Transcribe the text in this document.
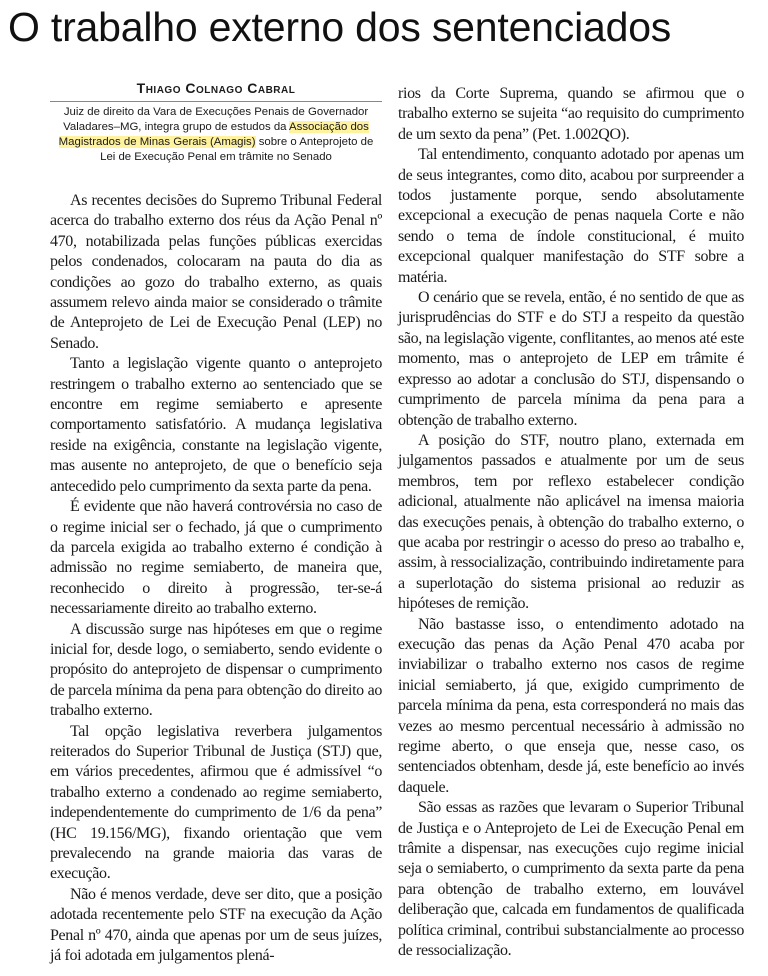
O trabalho externo dos sentenciados
Thiago Colnago Cabral
Juiz de direito da Vara de Execuções Penais de Governador Valadares–MG, integra grupo de estudos da Associação dos Magistrados de Minas Gerais (Amagis) sobre o Anteprojeto de Lei de Execução Penal em trâmite no Senado

As recentes decisões do Supremo Tribunal Federal acerca do trabalho externo dos réus da Ação Penal nº 470, notabilizada pelas funções públicas exercidas pelos condenados, colocaram na pauta do dia as condições ao gozo do trabalho externo, as quais assumem relevo ainda maior se considerado o trâmite de Anteprojeto de Lei de Execução Penal (LEP) no Senado.

Tanto a legislação vigente quanto o anteprojeto restringem o trabalho externo ao sentenciado que se encontre em regime semiaberto e apresente comportamento satisfatório. A mudança legislativa reside na exigência, constante na legislação vigente, mas ausente no anteprojeto, de que o benefício seja antecedido pelo cumprimento da sexta parte da pena.

É evidente que não haverá controvérsia no caso de o regime inicial ser o fechado, já que o cumprimento da parcela exigida ao trabalho externo é condição à admissão no regime semiaberto, de maneira que, reconhecido o direito à progressão, ter-se-á necessariamente direito ao trabalho externo.

A discussão surge nas hipóteses em que o regime inicial for, desde logo, o semiaberto, sendo evidente o propósito do anteprojeto de dispensar o cumprimento de parcela mínima da pena para obtenção do direito ao trabalho externo.

Tal opção legislativa reverbera julgamentos reiterados do Superior Tribunal de Justiça (STJ) que, em vários precedentes, afirmou que é admissível “o trabalho externo a condenado ao regime semiaberto, independentemente do cumprimento de 1/6 da pena” (HC 19.156/MG), fixando orientação que vem prevalecendo na grande maioria das varas de execução.

Não é menos verdade, deve ser dito, que a posição adotada recentemente pelo STF na execução da Ação Penal nº 470, ainda que apenas por um de seus juízes, já foi adotada em julgamentos plená-

rios da Corte Suprema, quando se afirmou que o trabalho externo se sujeita “ao requisito do cumprimento de um sexto da pena” (Pet. 1.002QO).

Tal entendimento, conquanto adotado por apenas um de seus integrantes, como dito, acabou por surpreender a todos justamente porque, sendo absolutamente excepcional a execução de penas naquela Corte e não sendo o tema de índole constitucional, é muito excepcional qualquer manifestação do STF sobre a matéria.

O cenário que se revela, então, é no sentido de que as jurisprudências do STF e do STJ a respeito da questão são, na legislação vigente, conflitantes, ao menos até este momento, mas o anteprojeto de LEP em trâmite é expresso ao adotar a conclusão do STJ, dispensando o cumprimento de parcela mínima da pena para a obtenção de trabalho externo.

A posição do STF, noutro plano, externada em julgamentos passados e atualmente por um de seus membros, tem por reflexo estabelecer condição adicional, atualmente não aplicável na imensa maioria das execuções penais, à obtenção do trabalho externo, o que acaba por restringir o acesso do preso ao trabalho e, assim, à ressocialização, contribuindo indiretamente para a superlotação do sistema prisional ao reduzir as hipóteses de remição.

Não bastasse isso, o entendimento adotado na execução das penas da Ação Penal 470 acaba por inviabilizar o trabalho externo nos casos de regime inicial semiaberto, já que, exigido cumprimento de parcela mínima da pena, esta corresponderá no mais das vezes ao mesmo percentual necessário à admissão no regime aberto, o que enseja que, nesse caso, os sentenciados obtenham, desde já, este benefício ao invés daquele.

São essas as razões que levaram o Superior Tribunal de Justiça e o Anteprojeto de Lei de Execução Penal em trâmite a dispensar, nas execuções cujo regime inicial seja o semiaberto, o cumprimento da sexta parte da pena para obtenção de trabalho externo, em louvável deliberação que, calcada em fundamentos de qualificada política criminal, contribui substancialmente ao processo de ressocialização.
